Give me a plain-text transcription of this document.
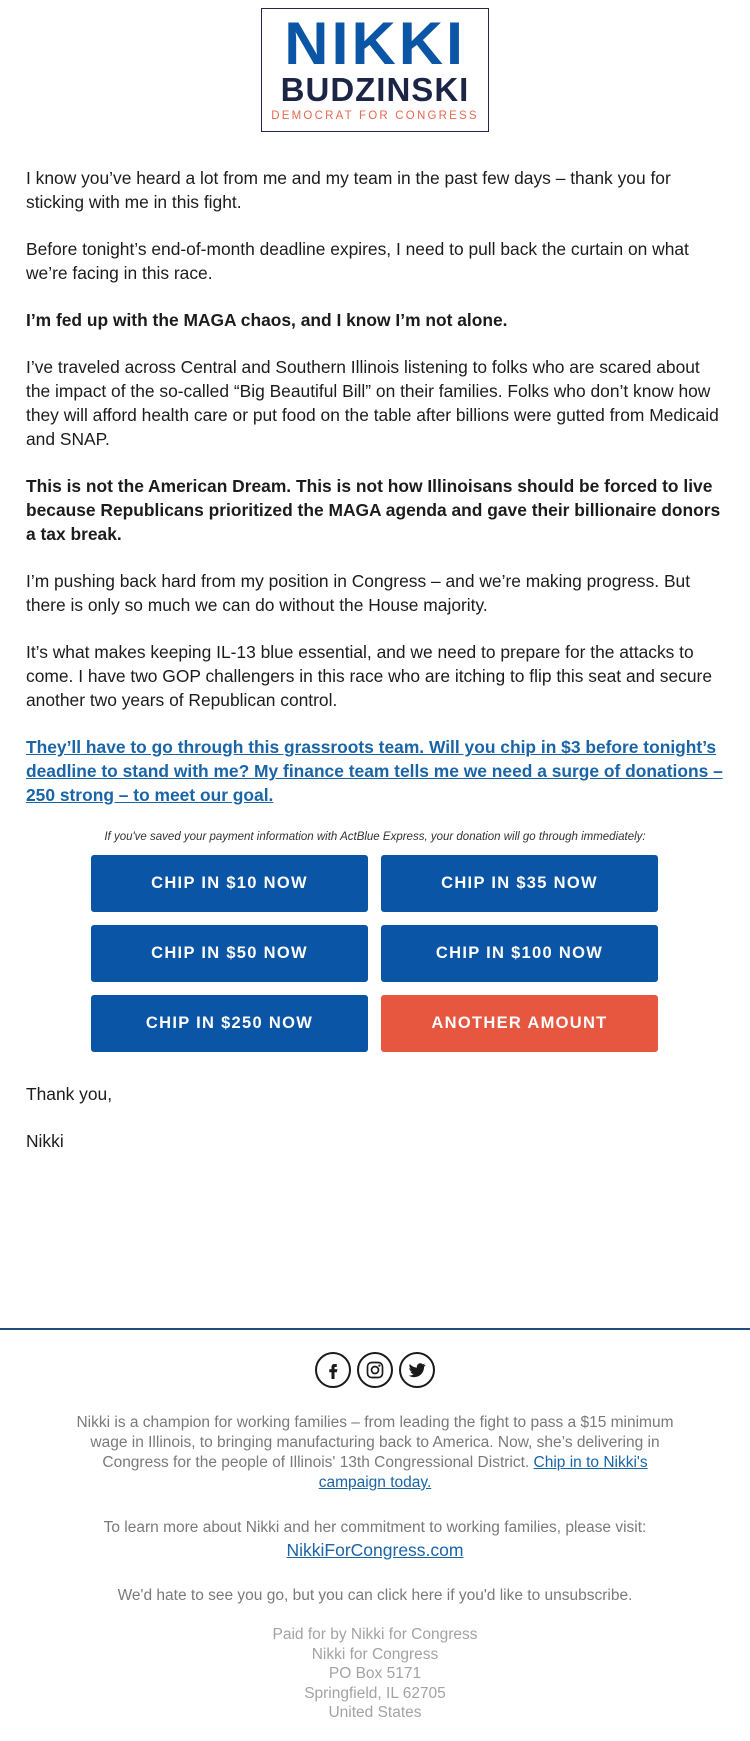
NIKKI
BUDZINSKI
DEMOCRAT FOR CONGRESS

I know you’ve heard a lot from me and my team in the past few days – thank you for sticking with me in this fight.

Before tonight’s end-of-month deadline expires, I need to pull back the curtain on what we’re facing in this race.

I’m fed up with the MAGA chaos, and I know I’m not alone.

I’ve traveled across Central and Southern Illinois listening to folks who are scared about the impact of the so-called “Big Beautiful Bill” on their families. Folks who don’t know how they will afford health care or put food on the table after billions were gutted from Medicaid and SNAP.

This is not the American Dream. This is not how Illinoisans should be forced to live because Republicans prioritized the MAGA agenda and gave their billionaire donors a tax break.

I’m pushing back hard from my position in Congress – and we’re making progress. But there is only so much we can do without the House majority.

It’s what makes keeping IL-13 blue essential, and we need to prepare for the attacks to come. I have two GOP challengers in this race who are itching to flip this seat and secure another two years of Republican control.

They’ll have to go through this grassroots team. Will you chip in $3 before tonight’s deadline to stand with me? My finance team tells me we need a surge of donations – 250 strong – to meet our goal.

If you've saved your payment information with ActBlue Express, your donation will go through immediately:
CHIP IN $10 NOW	CHIP IN $35 NOW
CHIP IN $50 NOW	CHIP IN $100 NOW
CHIP IN $250 NOW	ANOTHER AMOUNT

Thank you,

Nikki

Nikki is a champion for working families – from leading the fight to pass a $15 minimum wage in Illinois, to bringing manufacturing back to America. Now, she’s delivering in Congress for the people of Illinois' 13th Congressional District. Chip in to Nikki's campaign today.
To learn more about Nikki and her commitment to working families, please visit:
NikkiForCongress.com
We'd hate to see you go, but you can click here if you'd like to unsubscribe.
Paid for by Nikki for Congress
Nikki for Congress
PO Box 5171
Springfield, IL 62705
United States
